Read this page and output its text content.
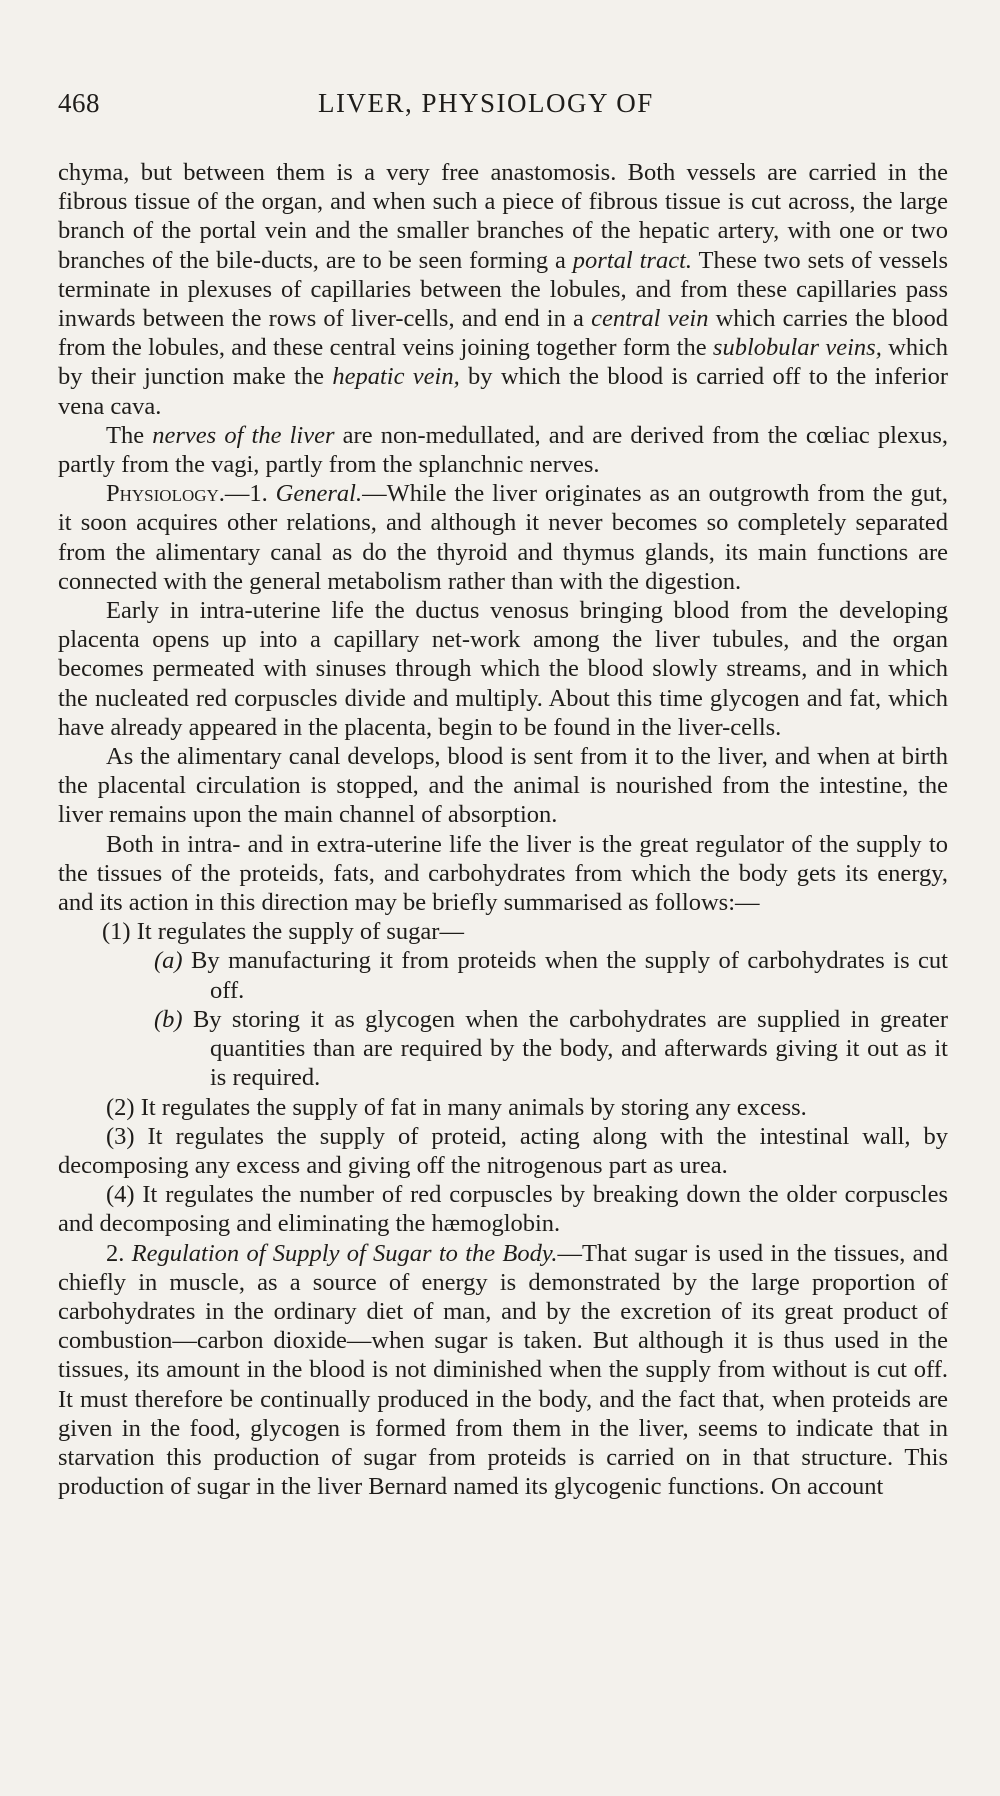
468	LIVER, PHYSIOLOGY OF

chyma, but between them is a very free anastomosis. Both vessels are carried in the fibrous tissue of the organ, and when such a piece of fibrous tissue is cut across, the large branch of the portal vein and the smaller branches of the hepatic artery, with one or two branches of the bile-ducts, are to be seen forming a portal tract. These two sets of vessels terminate in plexuses of capillaries between the lobules, and from these capillaries pass inwards between the rows of liver-cells, and end in a central vein which carries the blood from the lobules, and these central veins joining together form the sublobular veins, which by their junction make the hepatic vein, by which the blood is carried off to the inferior vena cava.

The nerves of the liver are non-medullated, and are derived from the cœliac plexus, partly from the vagi, partly from the splanchnic nerves.

Physiology.—1. General.—While the liver originates as an outgrowth from the gut, it soon acquires other relations, and although it never becomes so completely separated from the alimentary canal as do the thyroid and thymus glands, its main functions are connected with the general metabolism rather than with the digestion.

Early in intra-uterine life the ductus venosus bringing blood from the developing placenta opens up into a capillary net-work among the liver tubules, and the organ becomes permeated with sinuses through which the blood slowly streams, and in which the nucleated red corpuscles divide and multiply. About this time glycogen and fat, which have already appeared in the placenta, begin to be found in the liver-cells.

As the alimentary canal develops, blood is sent from it to the liver, and when at birth the placental circulation is stopped, and the animal is nourished from the intestine, the liver remains upon the main channel of absorption.

Both in intra- and in extra-uterine life the liver is the great regulator of the supply to the tissues of the proteids, fats, and carbohydrates from which the body gets its energy, and its action in this direction may be briefly summarised as follows:—

(1) It regulates the supply of sugar—

(a) By manufacturing it from proteids when the supply of carbohydrates is cut off.

(b) By storing it as glycogen when the carbohydrates are supplied in greater quantities than are required by the body, and afterwards giving it out as it is required.

(2) It regulates the supply of fat in many animals by storing any excess.

(3) It regulates the supply of proteid, acting along with the intestinal wall, by decomposing any excess and giving off the nitrogenous part as urea.

(4) It regulates the number of red corpuscles by breaking down the older corpuscles and decomposing and eliminating the hæmoglobin.

2. Regulation of Supply of Sugar to the Body.—That sugar is used in the tissues, and chiefly in muscle, as a source of energy is demonstrated by the large proportion of carbohydrates in the ordinary diet of man, and by the excretion of its great product of combustion—carbon dioxide—when sugar is taken. But although it is thus used in the tissues, its amount in the blood is not diminished when the supply from without is cut off. It must therefore be continually produced in the body, and the fact that, when proteids are given in the food, glycogen is formed from them in the liver, seems to indicate that in starvation this production of sugar from proteids is carried on in that structure. This production of sugar in the liver Bernard named its glycogenic functions. On account
